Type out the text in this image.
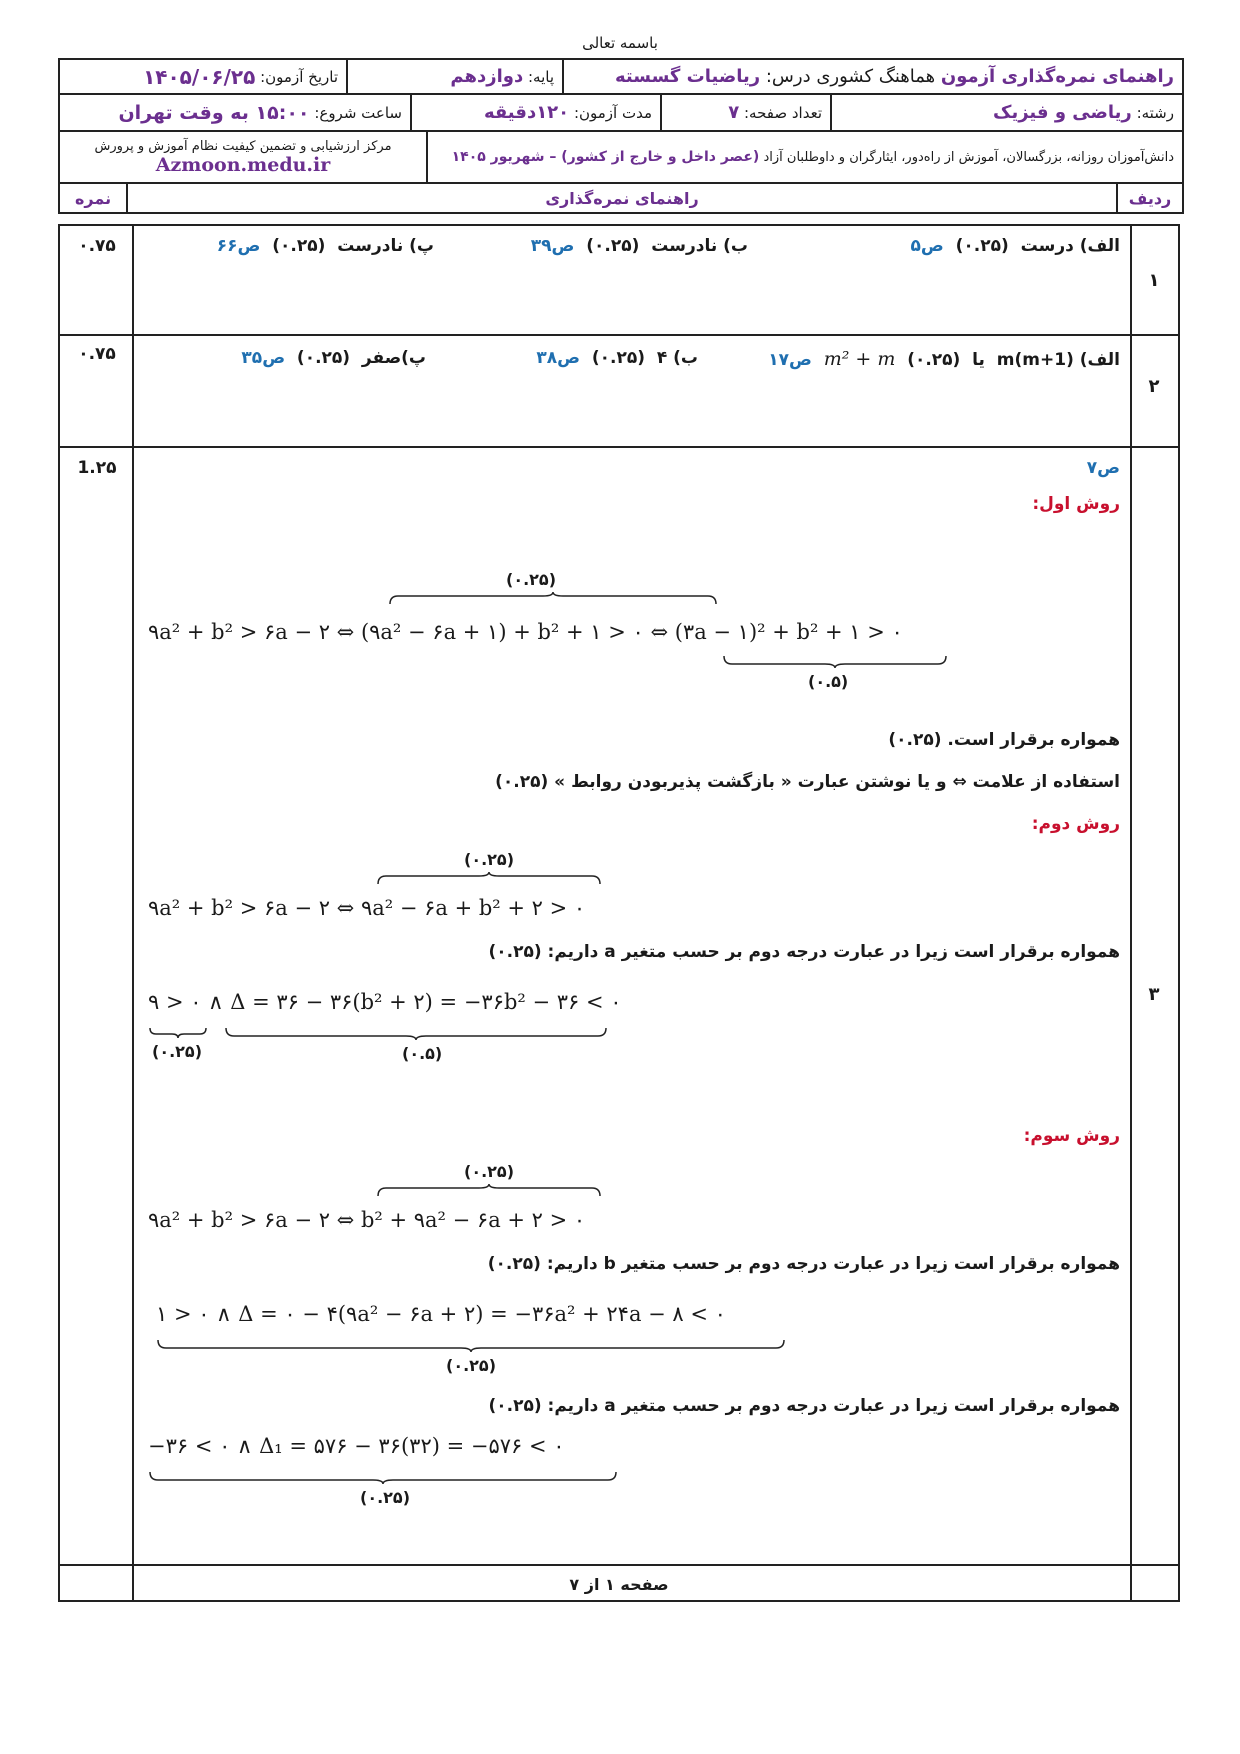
باسمه تعالی
راهنمای نمره‌گذاری آزمون

هماهنگ کشوری درس:

ریاضیات گسسته
پایه:

دوازدهم
تاریخ آزمون:

۱۴۰۵/۰۶/۲۵
رشته:

رياضی و فیزیک
تعداد صفحه:

۷
مدت آزمون:

۱۲۰دقیقه
ساعت شروع:

۱۵:۰۰ به وقت تهران
دانش‌آموزان روزانه، بزرگسالان، آموزش از راه‌دور، ایثارگران و داوطلبان آزاد

(عصر داخل و خارج از کشور) – شهریور ۱۴۰۵
مرکز ارزشیابی و تضمین کیفیت نظام آموزش و پرورش
Azmoon.medu.ir
ردیف
راهنمای نمره‌گذاری
نمره
۰.۷۵
۱
الف) درست  (۰.۲۵)  ص۵
ب) نادرست  (۰.۲۵)  ص۳۹
پ) نادرست  (۰.۲۵)  ص۶۶
۰.۷۵
۲
الف) (m(m+1  یا  m² + m (۰.۲۵)  ص۱۷
ب) ۴  (۰.۲۵)  ص۳۸
پ)صفر  (۰.۲۵)  ص۳۵
1.۲۵
۳
ص۷
روش اول:
(۰.۲۵)
۹a² + b² > ۶a − ۲ ⇔ (۹a² − ۶a + ۱) + b² + ۱ > ۰ ⇔ (۳a − ۱)² + b² + ۱ > ۰
(۰.۵)
همواره برقرار است. (۰.۲۵)
استفاده از علامت ⇔ و یا نوشتن عبارت « بازگشت پذیربودن روابط » (۰.۲۵)
روش دوم:
(۰.۲۵)
۹a² + b² > ۶a − ۲ ⇔ ۹a² − ۶a + b² + ۲ > ۰
همواره برقرار است زیرا در عبارت درجه دوم بر حسب متغیر a داریم: (۰.۲۵)
۹ > ۰ ∧ Δ = ۳۶ − ۳۶(b² + ۲) = −۳۶b² − ۳۶ < ۰
(۰.۲۵)	(۰.۵)
روش سوم:
(۰.۲۵)
۹a² + b² > ۶a − ۲ ⇔ b² + ۹a² − ۶a + ۲ > ۰
همواره برقرار است زیرا در عبارت درجه دوم بر حسب متغیر b داریم: (۰.۲۵)
۱ > ۰ ∧ Δ = ۰ − ۴(۹a² − ۶a + ۲) = −۳۶a² + ۲۴a − ۸ < ۰
(۰.۲۵)
همواره برقرار است زیرا در عبارت درجه دوم بر حسب متغیر a داریم: (۰.۲۵)
−۳۶ < ۰ ∧ Δ₁ = ۵۷۶ − ۳۶(۳۲) = −۵۷۶ < ۰
(۰.۲۵)
صفحه ۱ از ۷
